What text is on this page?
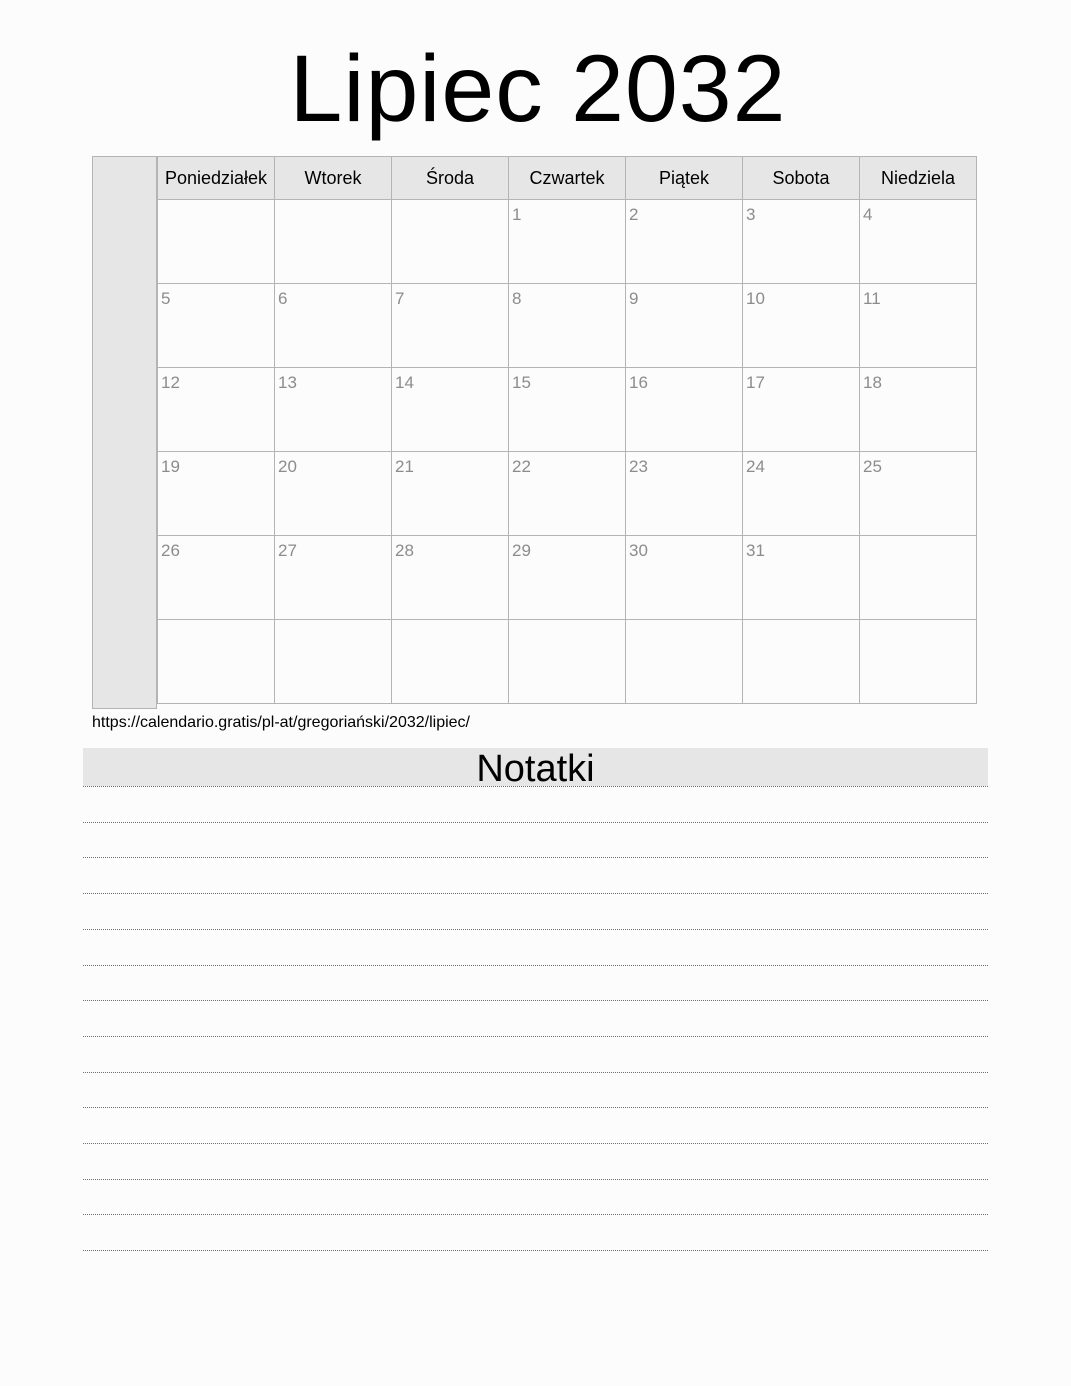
Lipiec 2032
Poniedziałek	Wtorek	Środa	Czwartek	Piątek	Sobota	Niedziela

			1	2	3	4

5	6	7	8	9	10	11

12	13	14	15	16	17	18

19	20	21	22	23	24	25

26	27	28	29	30	31	

https://calendario.gratis/pl-at/gregoriański/2032/lipiec/
Notatki
